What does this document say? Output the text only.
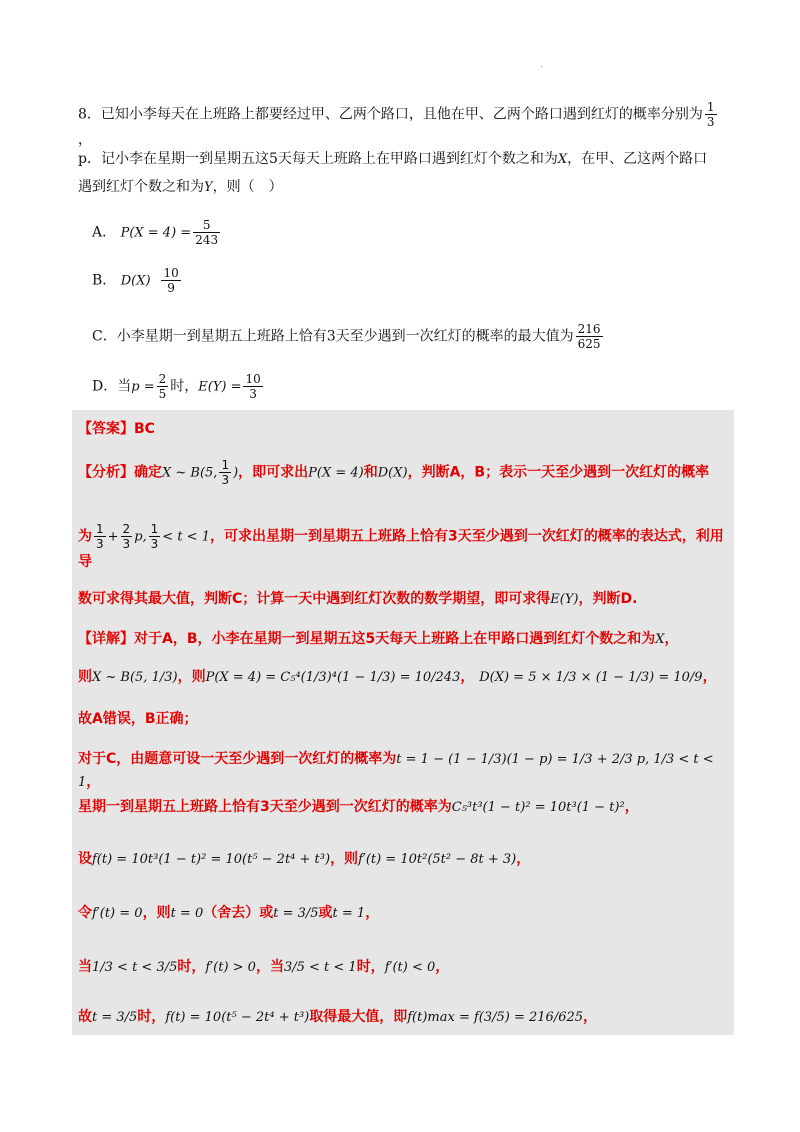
·
8．已知小李每天在上班路上都要经过甲、乙两个路口，且他在甲、乙两个路口遇到红灯的概率分别为 $\frac{1}{3}$
，
p．记小李在星期一到星期五这5天每天上班路上在甲路口遇到红灯个数之和为X，在甲、乙这两个路口
遇到红灯个数之和为Y，则（　）
A． $P(X = 4) = \frac{5}{243}$
B． $D(X) \frac{10}{9}$
C．小李星期一到星期五上班路上恰有3天至少遇到一次红灯的概率的最大值为 $\frac{216}{625}$
D．当$p = \frac{2}{5}$ 时，$E(Y) = \frac{10}{3}$
【答案】BC
【分析】确定X ~ B(5, $\frac{1}{3}$ )，即可求出P(X = 4)和D(X)，判断A，B；表示一天至少遇到一次红灯的概率
为 $\frac{1}{3} + \frac{2}{3} p$, $\frac{1}{3} < t < 1$，可求出星期一到星期五上班路上恰有3天至少遇到一次红灯的概率的表达式，利用导
数可求得其最大值，判断C；计算一天中遇到红灯次数的数学期望，即可求得E(Y)，判断D.
【详解】对于A，B，小李在星期一到星期五这5天每天上班路上在甲路口遇到红灯个数之和为X，
则X ~ B(5, 1/3)，则P(X = 4) = C₅⁴(1/3)⁴(1 − 1/3) = 10/243， D(X) = 5 × 1/3 × (1 − 1/3) = 10/9，
故A错误，B正确；
对于C，由题意可设一天至少遇到一次红灯的概率为t = 1 − (1 − 1/3)(1 − p) = 1/3 + 2/3 p, 1/3 < t < 1，
星期一到星期五上班路上恰有3天至少遇到一次红灯的概率为C₅³t³(1 − t)² = 10t³(1 − t)²，
设f(t) = 10t³(1 − t)² = 10(t⁵ − 2t⁴ + t³)，则f′(t) = 10t²(5t² − 8t + 3)，
令f′(t) = 0，则t = 0（舍去）或t = 3/5或t = 1，
当1/3 < t < 3/5时，f′(t) > 0，当3/5 < t < 1时，f′(t) < 0，
故t = 3/5时，f(t) = 10(t⁵ − 2t⁴ + t³)取得最大值，即f(t)max = f(3/5) = 216/625，
